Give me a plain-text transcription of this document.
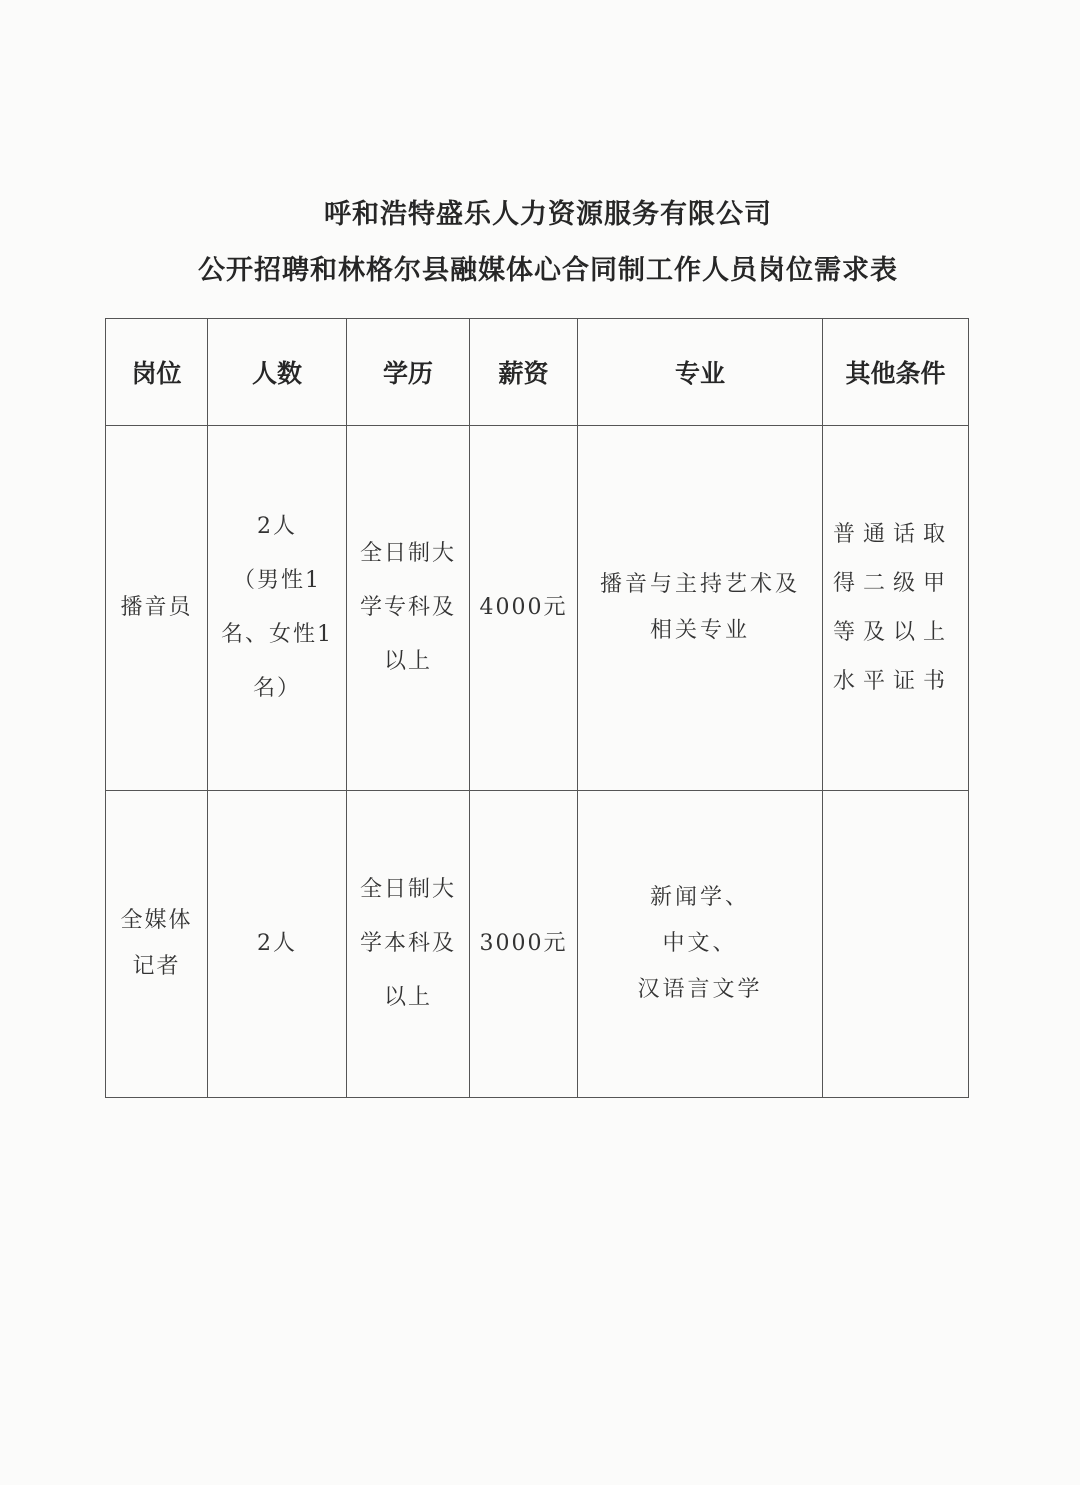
呼和浩特盛乐人力资源服务有限公司
公开招聘和林格尔县融媒体心合同制工作人员岗位需求表
岗位	人数	学历	薪资	专业	其他条件

播音员	2人
（男性1
名、女性1
名）	全日制大
学专科及
以上	4000元	播音与主持艺术及
相关专业	普通话取
得二级甲
等及以上
水平证书

全媒体
记者	2人	全日制大
学本科及
以上	3000元	新闻学、
中文、
汉语言文学	
